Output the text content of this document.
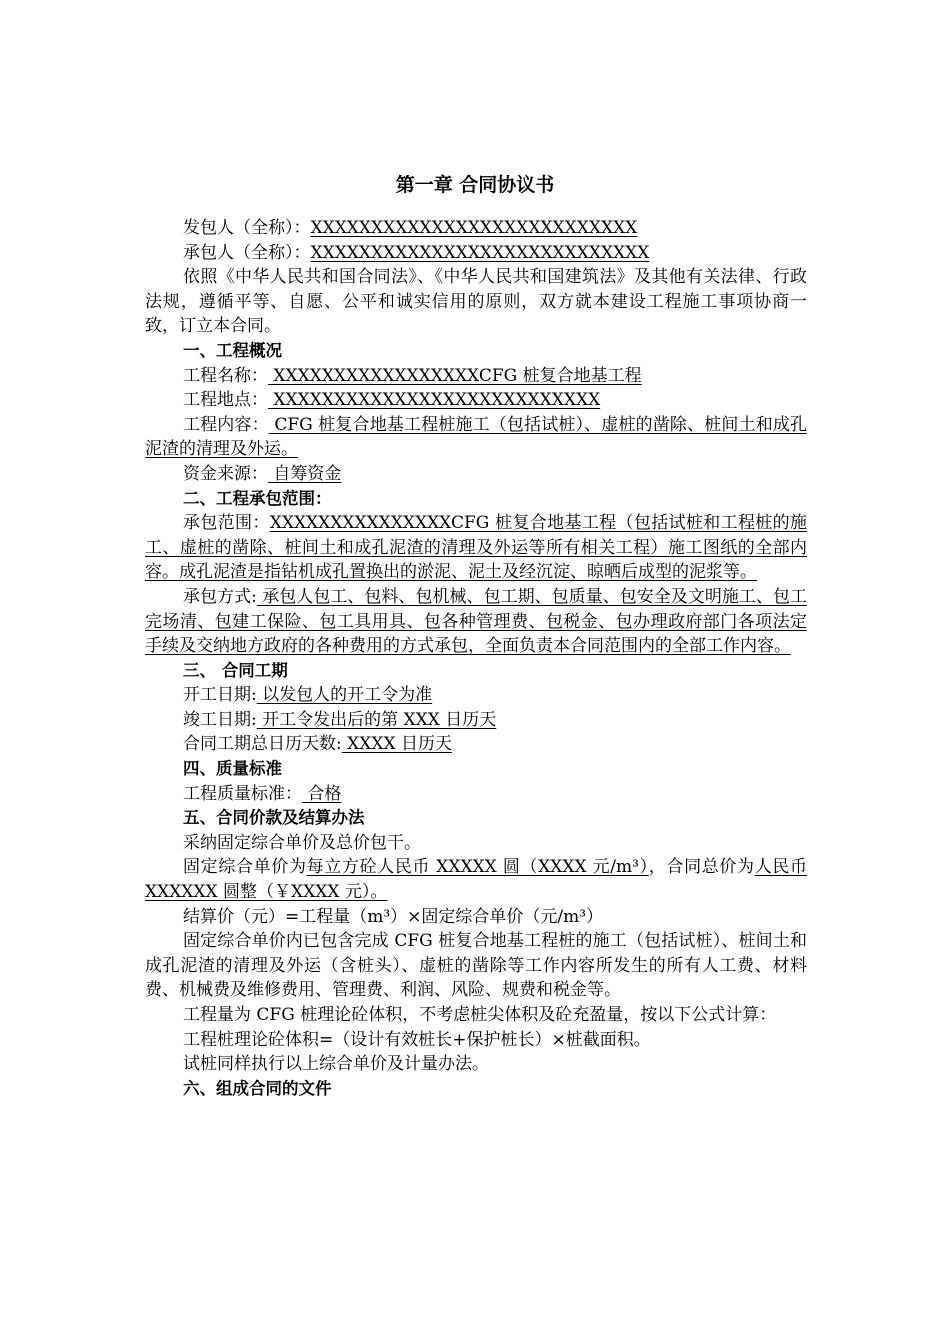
第一章 合同协议书

发包人（全称）：XXXXXXXXXXXXXXXXXXXXXXXXXXX

承包人（全称）：XXXXXXXXXXXXXXXXXXXXXXXXXXXX

依照《中华人民共和国合同法》、《中华人民共和国建筑法》及其他有关法律、行政法规，遵循平等、自愿、公平和诚实信用的原则，双方就本建设工程施工事项协商一致，订立本合同。

一、工程概况

工程名称： XXXXXXXXXXXXXXXXXCFG 桩复合地基工程

工程地点： XXXXXXXXXXXXXXXXXXXXXXXXXXX

工程内容： CFG 桩复合地基工程桩施工（包括试桩）、虚桩的凿除、桩间土和成孔泥渣的清理及外运。

资金来源： 自筹资金

二、工程承包范围：

承包范围：XXXXXXXXXXXXXXXCFG 桩复合地基工程（包括试桩和工程桩的施工、虚桩的凿除、桩间土和成孔泥渣的清理及外运等所有相关工程）施工图纸的全部内容。成孔泥渣是指钻机成孔置换出的淤泥、泥土及经沉淀、晾晒后成型的泥浆等。

承包方式: 承包人包工、包料、包机械、包工期、包质量、包安全及文明施工、包工完场清、包建工保险、包工具用具、包各种管理费、包税金、包办理政府部门各项法定手续及交纳地方政府的各种费用的方式承包，全面负责本合同范围内的全部工作内容。

三、 合同工期

开工日期: 以发包人的开工令为准

竣工日期: 开工令发出后的第 XXX 日历天

合同工期总日历天数: XXXX 日历天

四、质量标准

工程质量标准： 合格

五、合同价款及结算办法

采纳固定综合单价及总价包干。

固定综合单价为每立方砼人民币 XXXXX 圆（XXXX 元/m³），合同总价为人民币 XXXXXX 圆整（￥XXXX 元）。

结算价（元）=工程量（m³）×固定综合单价（元/m³）

固定综合单价内已包含完成 CFG 桩复合地基工程桩的施工（包括试桩）、桩间土和成孔泥渣的清理及外运（含桩头）、虚桩的凿除等工作内容所发生的所有人工费、材料费、机械费及维修费用、管理费、利润、风险、规费和税金等。

工程量为 CFG 桩理论砼体积，不考虑桩尖体积及砼充盈量，按以下公式计算：

工程桩理论砼体积=（设计有效桩长+保护桩长）×桩截面积。

试桩同样执行以上综合单价及计量办法。

六、组成合同的文件
